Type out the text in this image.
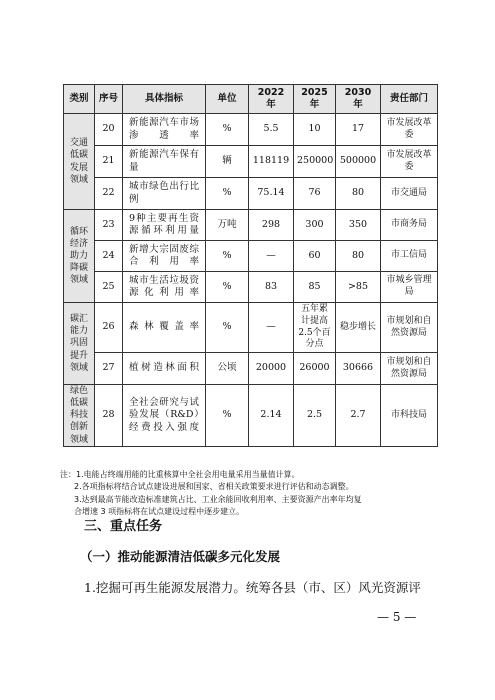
类别	序号	具体指标	单位	2022 年	2025 年	2030 年	责任部门
交通低碳发展领域	20	新能源汽车市场渗透率	%	5.5	10	17	市发展改革委
	21	新能源汽车保有量	辆	118119	250000	500000	市发展改革委
	22	城市绿色出行比例	%	75.14	76	80	市交通局
循环经济助力降碳领域	23	9种主要再生资源循环利用量	万吨	298	300	350	市商务局
	24	新增大宗固废综合利用率	%	—	60	80	市工信局
	25	城市生活垃圾资源化利用率	%	83	85	>85	市城乡管理局
碳汇能力巩固提升领域	26	森林覆盖率	%	—	五年累计提高2.5个百分点	稳步增长	市规划和自然资源局
	27	植树造林面积	公顷	20000	26000	30666	市规划和自然资源局
绿色低碳科技创新领域	28	全社会研究与试验发展（R&D）经费投入强度	%	2.14	2.5	2.7	市科技局
注：1.电能占终端用能的比重核算中全社会用电量采用当量值计算。
2.各项指标将结合试点建设进展和国家、省相关政策要求进行评估和动态调整。
3.达到最高节能改造标准建筑占比、工业余能回收利用率、主要资源产出率年均复
合增速 3 项指标将在试点建设过程中逐步建立。
三、重点任务
（一）推动能源清洁低碳多元化发展
1.挖掘可再生能源发展潜力。统筹各县（市、区）风光资源评
— 5 —
